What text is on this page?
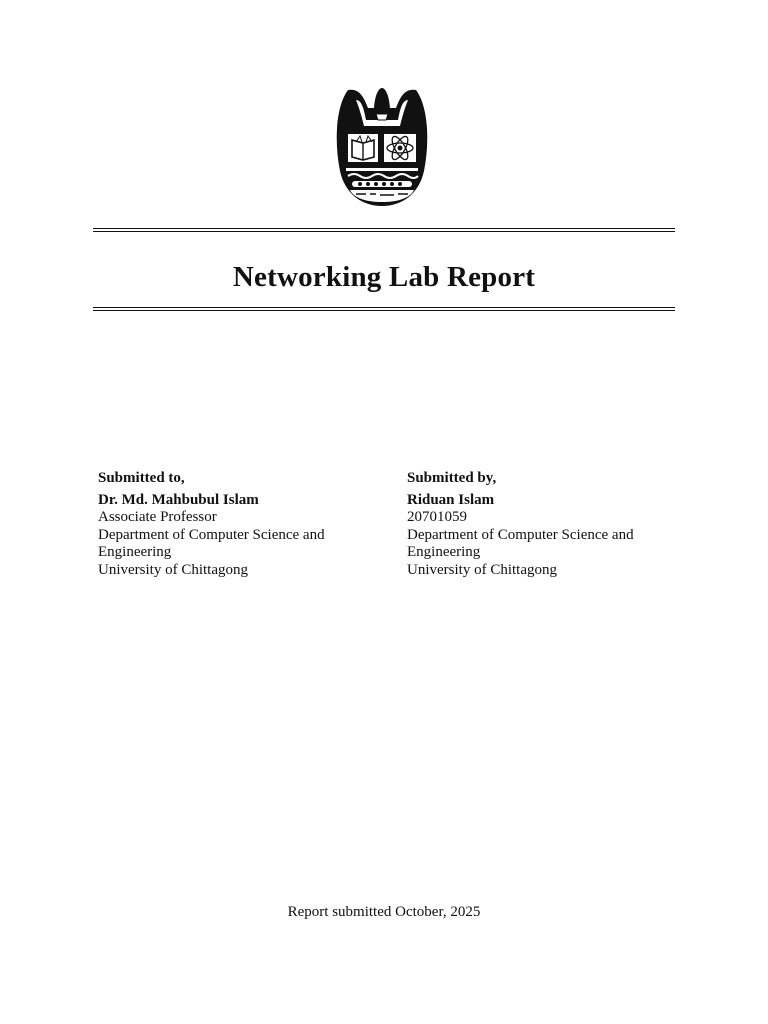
Networking Lab Report
Submitted to,
Dr. Md. Mahbubul Islam
Associate Professor
Department of Computer Science and
Engineering
University of Chittagong
Submitted by,
Riduan Islam
20701059
Department of Computer Science and
Engineering
University of Chittagong
Report submitted October, 2025
